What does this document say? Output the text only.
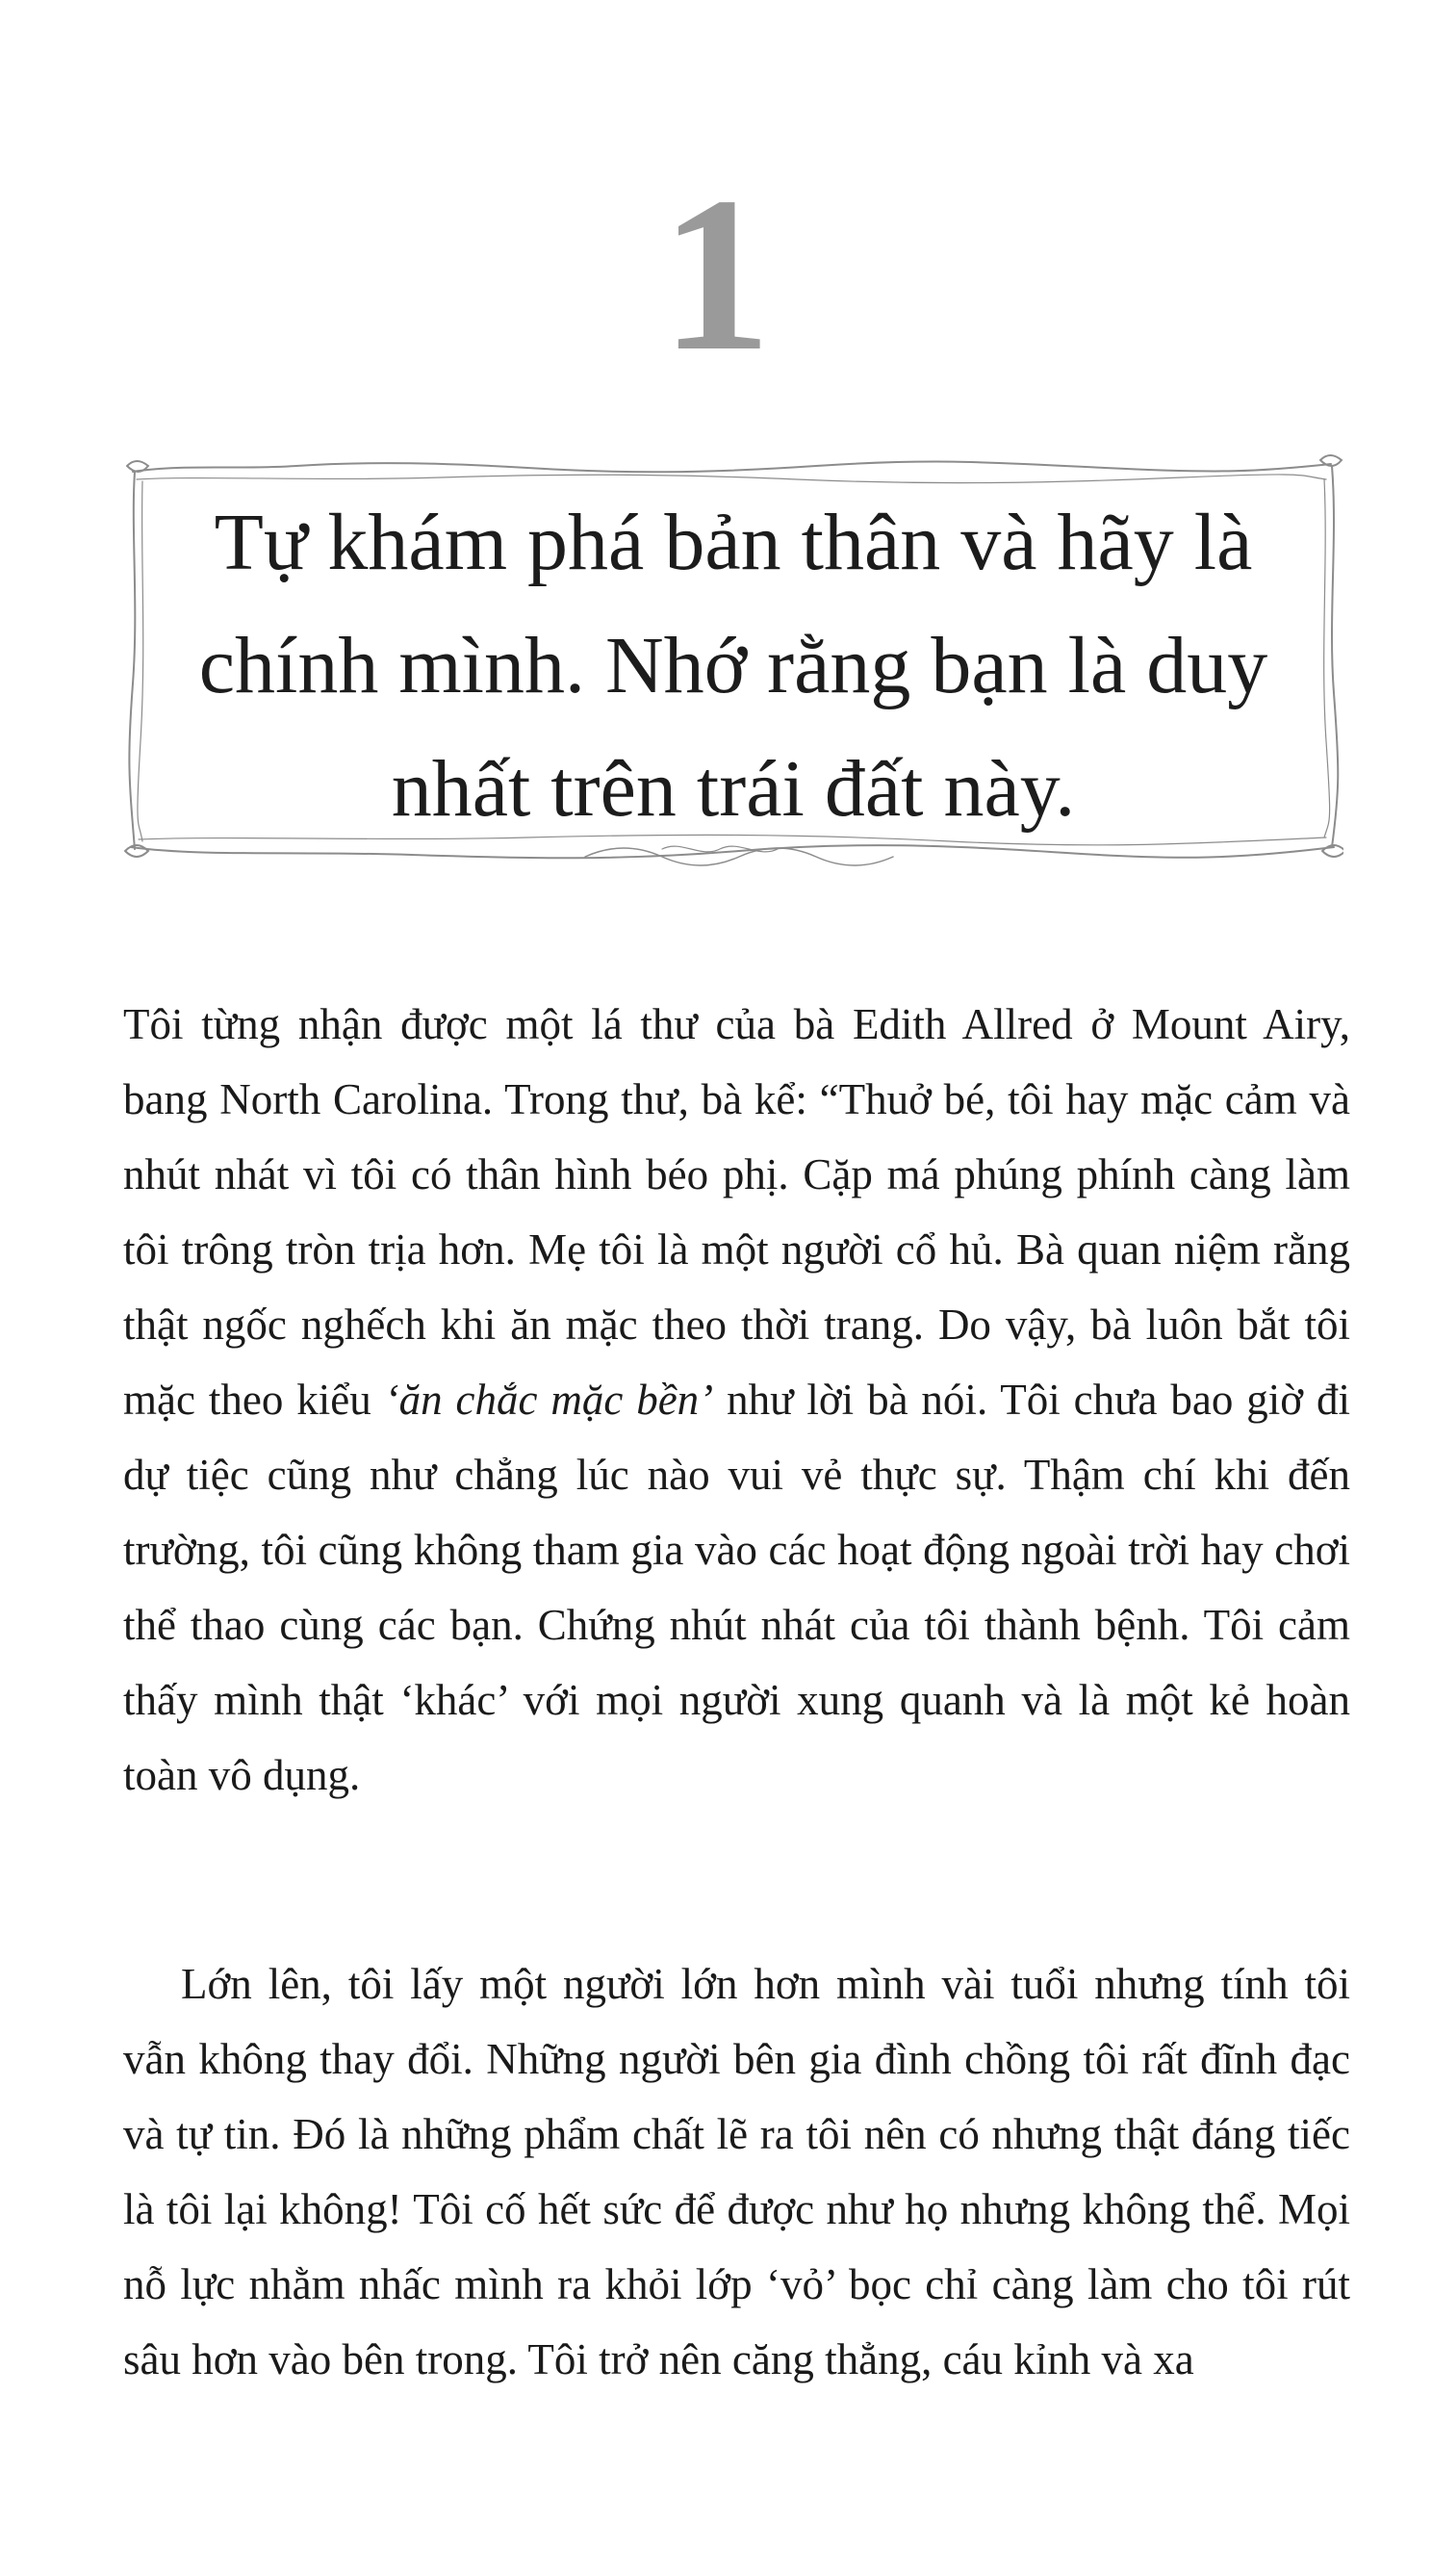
1
Tự khám phá bản thân và hãy là chính mình. Nhớ rằng bạn là duy nhất trên trái đất này.

Tôi từng nhận được một lá thư của bà Edith Allred ở Mount Airy, bang North Carolina. Trong thư, bà kể: “Thuở bé, tôi hay mặc cảm và nhút nhát vì tôi có thân hình béo phị. Cặp má phúng phính càng làm tôi trông tròn trịa hơn. Mẹ tôi là một người cổ hủ. Bà quan niệm rằng thật ngốc nghếch khi ăn mặc theo thời trang. Do vậy, bà luôn bắt tôi mặc theo kiểu ‘ăn chắc mặc bền’ như lời bà nói. Tôi chưa bao giờ đi dự tiệc cũng như chẳng lúc nào vui vẻ thực sự. Thậm chí khi đến trường, tôi cũng không tham gia vào các hoạt động ngoài trời hay chơi thể thao cùng các bạn. Chứng nhút nhát của tôi thành bệnh. Tôi cảm thấy mình thật ‘khác’ với mọi người xung quanh và là một kẻ hoàn toàn vô dụng.

Lớn lên, tôi lấy một người lớn hơn mình vài tuổi nhưng tính tôi vẫn không thay đổi. Những người bên gia đình chồng tôi rất đĩnh đạc và tự tin. Đó là những phẩm chất lẽ ra tôi nên có nhưng thật đáng tiếc là tôi lại không! Tôi cố hết sức để được như họ nhưng không thể. Mọi nỗ lực nhằm nhấc mình ra khỏi lớp ‘vỏ’ bọc chỉ càng làm cho tôi rút sâu hơn vào bên trong. Tôi trở nên căng thẳng, cáu kỉnh và xa
